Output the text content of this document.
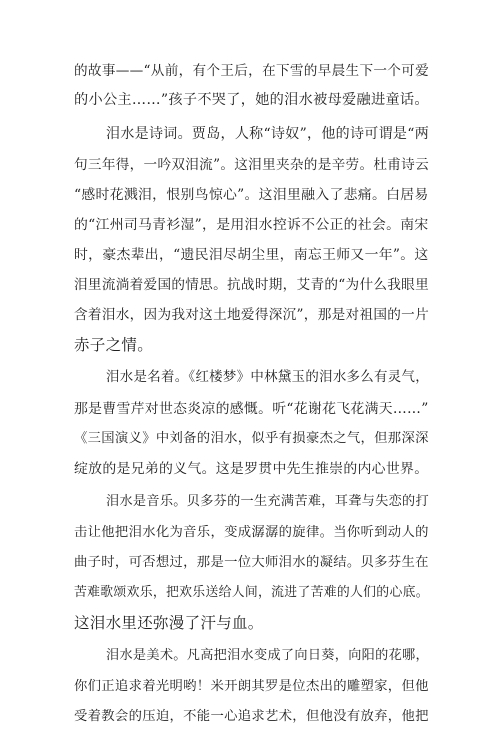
的故事——“从前，有个王后，在下雪的早晨生下一个可爱
的小公主……”孩子不哭了，她的泪水被母爱融进童话。
泪水是诗词。贾岛，人称“诗奴”，他的诗可谓是“两
句三年得，一吟双泪流”。这泪里夹杂的是辛劳。杜甫诗云
“感时花溅泪，恨别鸟惊心”。这泪里融入了悲痛。白居易
的“江州司马青衫湿”，是用泪水控诉不公正的社会。南宋
时，豪杰辈出，“遗民泪尽胡尘里，南忘王师又一年”。这
泪里流淌着爱国的情思。抗战时期，艾青的“为什么我眼里
含着泪水，因为我对这土地爱得深沉”，那是对祖国的一片
赤子之情。
泪水是名着。《红楼梦》中林黛玉的泪水多么有灵气，
那是曹雪芹对世态炎凉的感慨。听“花谢花飞花满天……”
《三国演义》中刘备的泪水，似乎有损豪杰之气，但那深深
绽放的是兄弟的义气。这是罗贯中先生推崇的内心世界。
泪水是音乐。贝多芬的一生充满苦难，耳聋与失恋的打
击让他把泪水化为音乐，变成潺潺的旋律。当你听到动人的
曲子时，可否想过，那是一位大师泪水的凝结。贝多芬生在
苦难歌颂欢乐，把欢乐送给人间，流进了苦难的人们的心底。
这泪水里还弥漫了汗与血。
泪水是美术。凡高把泪水变成了向日葵，向阳的花哪，
你们正追求着光明哟！米开朗其罗是位杰出的雕塑家，但他
受着教会的压迫，不能一心追求艺术，但他没有放弃，他把
